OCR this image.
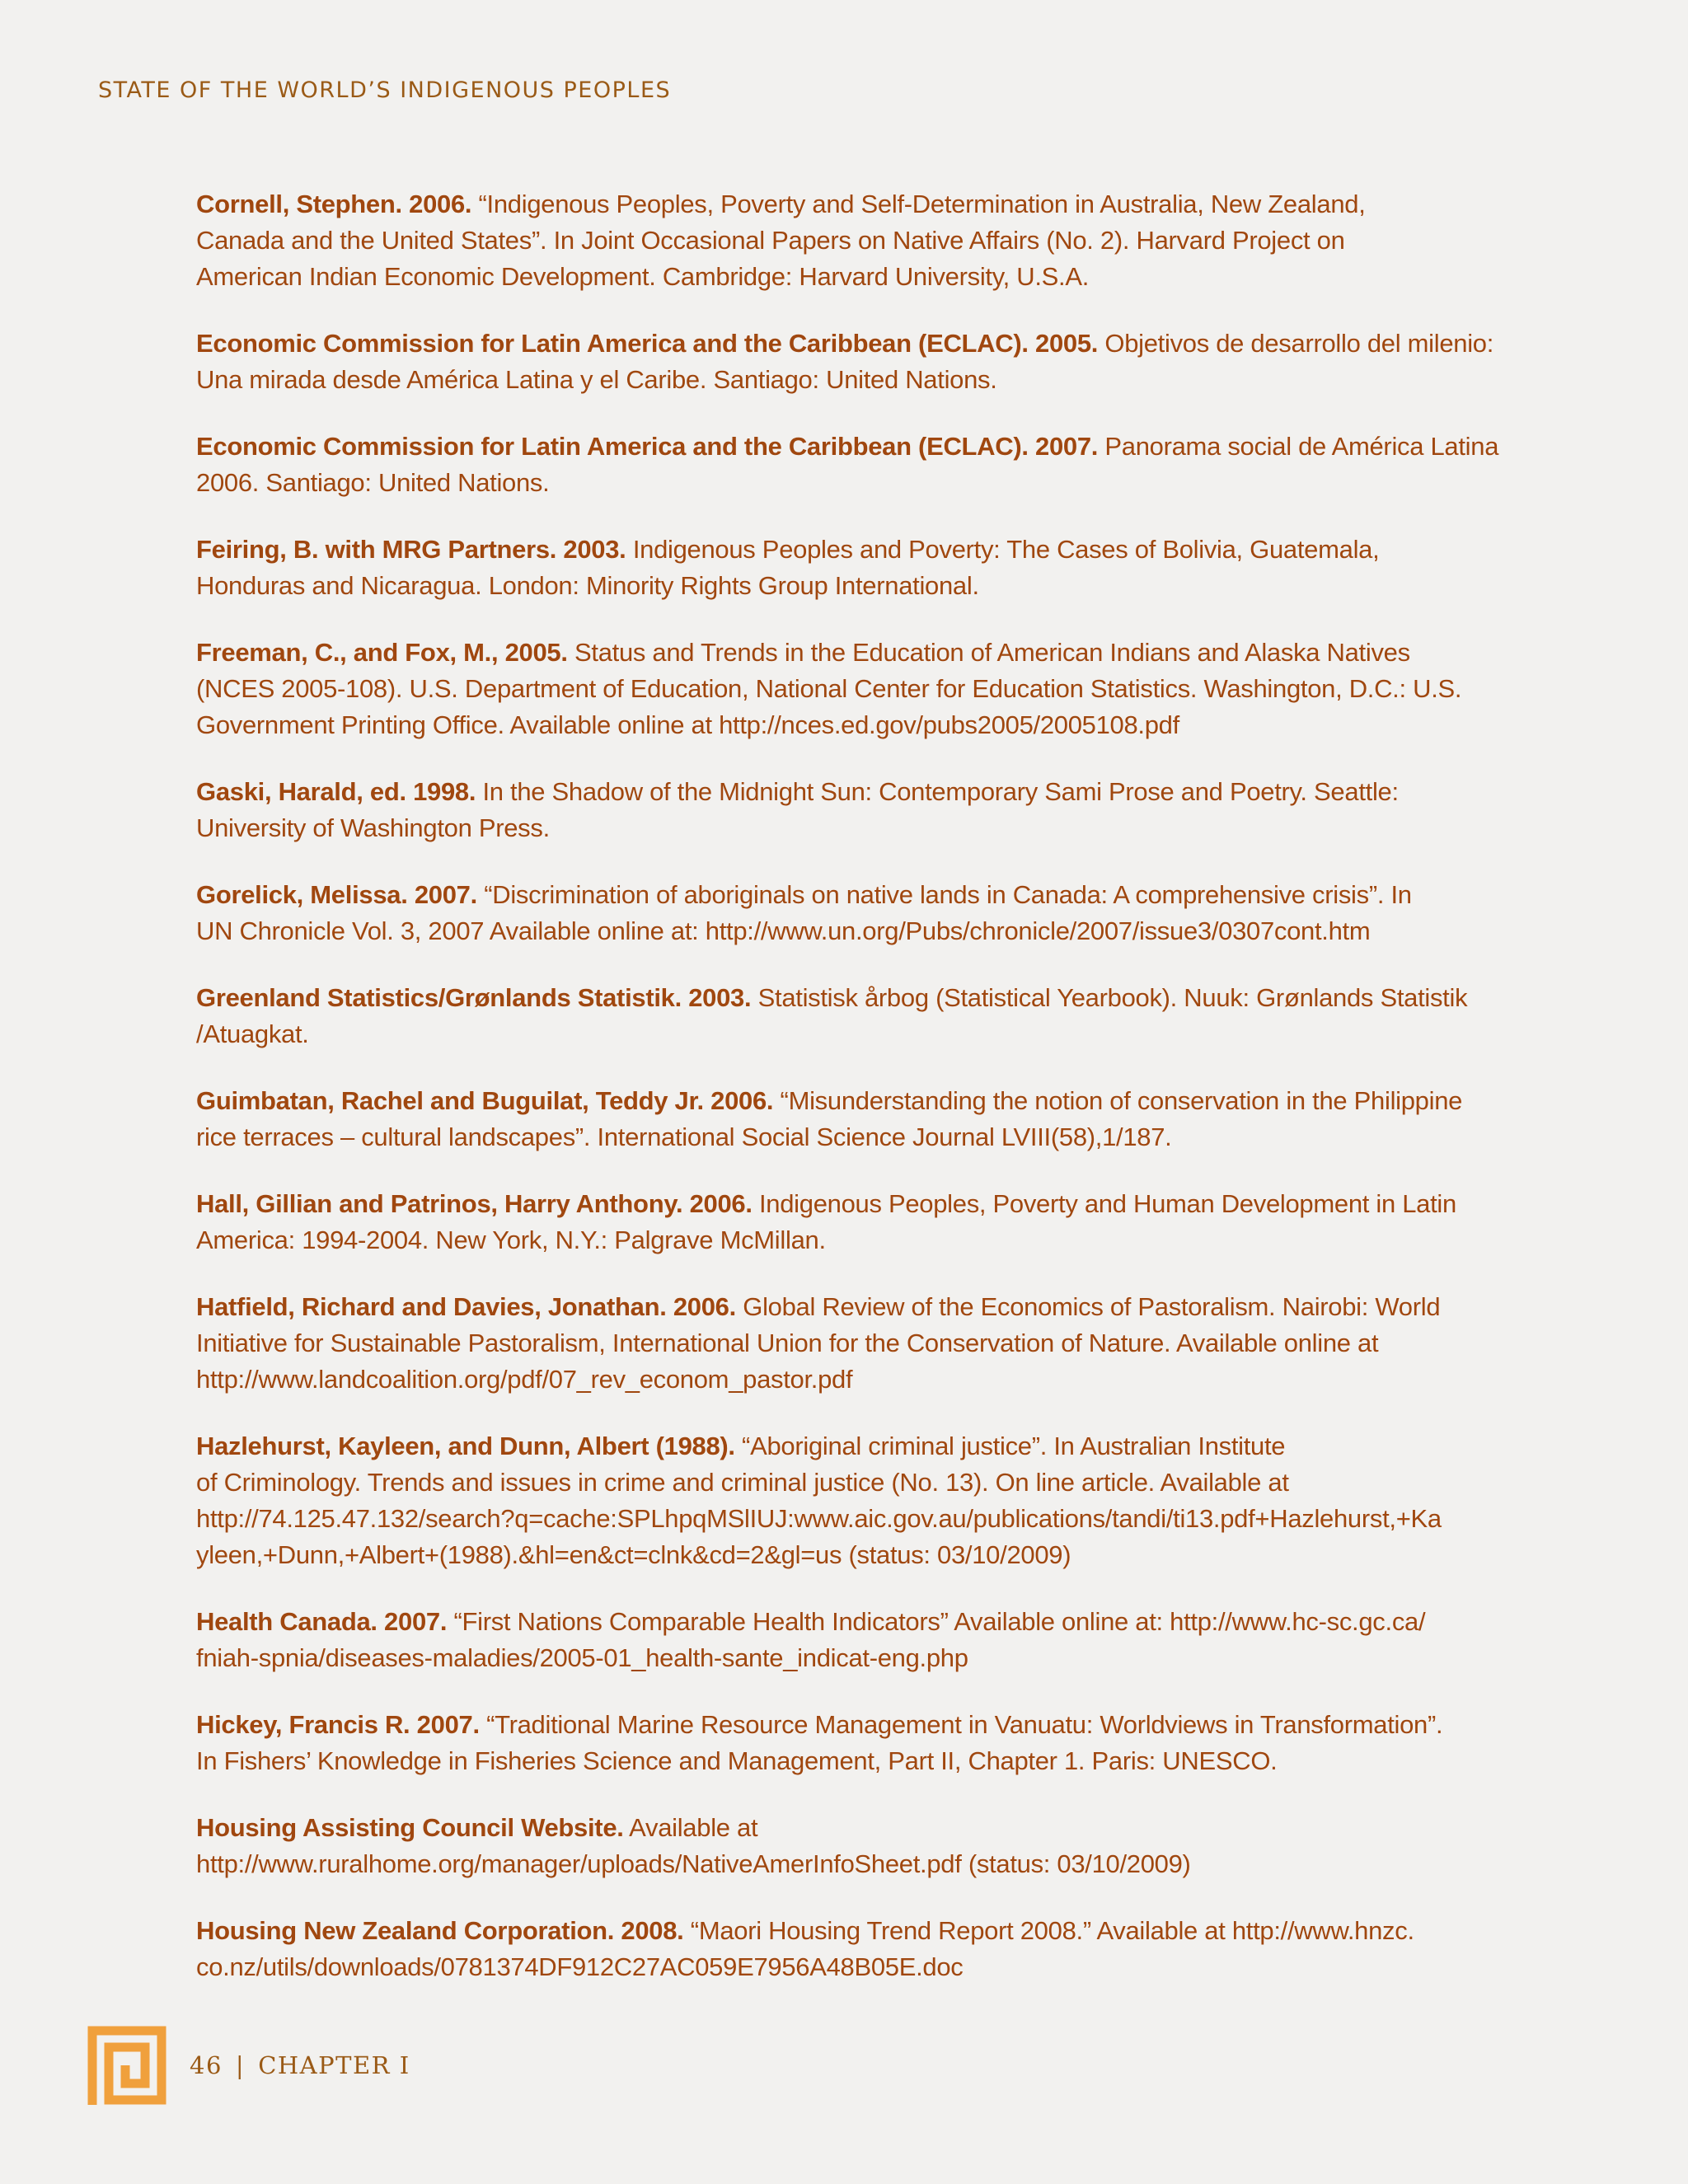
STATE OF THE WORLD’S INDIGENOUS PEOPLES
Cornell, Stephen. 2006. “Indigenous Peoples, Poverty and Self-Determination in Australia, New Zealand,
Canada and the United States”. In Joint Occasional Papers on Native Affairs (No. 2). Harvard Project on
American Indian Economic Development. Cambridge: Harvard University, U.S.A.
Economic Commission for Latin America and the Caribbean (ECLAC). 2005. Objetivos de desarrollo del milenio:
Una mirada desde América Latina y el Caribe. Santiago: United Nations.
Economic Commission for Latin America and the Caribbean (ECLAC). 2007. Panorama social de América Latina
2006. Santiago: United Nations.
Feiring, B. with MRG Partners. 2003. Indigenous Peoples and Poverty: The Cases of Bolivia, Guatemala,
Honduras and Nicaragua. London: Minority Rights Group International.
Freeman, C., and Fox, M., 2005. Status and Trends in the Education of American Indians and Alaska Natives
(NCES 2005-108). U.S. Department of Education, National Center for Education Statistics. Washington, D.C.: U.S.
Government Printing Office. Available online at http://nces.ed.gov/pubs2005/2005108.pdf
Gaski, Harald, ed. 1998. In the Shadow of the Midnight Sun: Contemporary Sami Prose and Poetry. Seattle:
University of Washington Press.
Gorelick, Melissa. 2007. “Discrimination of aboriginals on native lands in Canada: A comprehensive crisis”. In
UN Chronicle Vol. 3, 2007 Available online at: http://www.un.org/Pubs/chronicle/2007/issue3/0307cont.htm
Greenland Statistics/Grønlands Statistik. 2003. Statistisk årbog (Statistical Yearbook). Nuuk: Grønlands Statistik
/Atuagkat.
Guimbatan, Rachel and Buguilat, Teddy Jr. 2006. “Misunderstanding the notion of conservation in the Philippine
rice terraces – cultural landscapes”. International Social Science Journal LVIII(58),1/187.
Hall, Gillian and Patrinos, Harry Anthony. 2006. Indigenous Peoples, Poverty and Human Development in Latin
America: 1994-2004. New York, N.Y.: Palgrave McMillan.
Hatfield, Richard and Davies, Jonathan. 2006. Global Review of the Economics of Pastoralism. Nairobi: World
Initiative for Sustainable Pastoralism, International Union for the Conservation of Nature. Available online at
http://www.landcoalition.org/pdf/07_rev_econom_pastor.pdf
Hazlehurst, Kayleen, and Dunn, Albert (1988). “Aboriginal criminal justice”. In Australian Institute
of Criminology. Trends and issues in crime and criminal justice (No. 13). On line article. Available at
http://74.125.47.132/search?q=cache:SPLhpqMSlIUJ:www.aic.gov.au/publications/tandi/ti13.pdf+Hazlehurst,+Ka
yleen,+Dunn,+Albert+(1988).&hl=en&ct=clnk&cd=2&gl=us (status: 03/10/2009)
Health Canada. 2007. “First Nations Comparable Health Indicators” Available online at: http://www.hc-sc.gc.ca/
fniah-spnia/diseases-maladies/2005-01_health-sante_indicat-eng.php
Hickey, Francis R. 2007. “Traditional Marine Resource Management in Vanuatu: Worldviews in Transformation”.
In Fishers’ Knowledge in Fisheries Science and Management, Part II, Chapter 1. Paris: UNESCO.
Housing Assisting Council Website. Available at
http://www.ruralhome.org/manager/uploads/NativeAmerInfoSheet.pdf (status: 03/10/2009)
Housing New Zealand Corporation. 2008. “Maori Housing Trend Report 2008.” Available at http://www.hnzc.
co.nz/utils/downloads/0781374DF912C27AC059E7956A48B05E.doc
46 | CHAPTER I
